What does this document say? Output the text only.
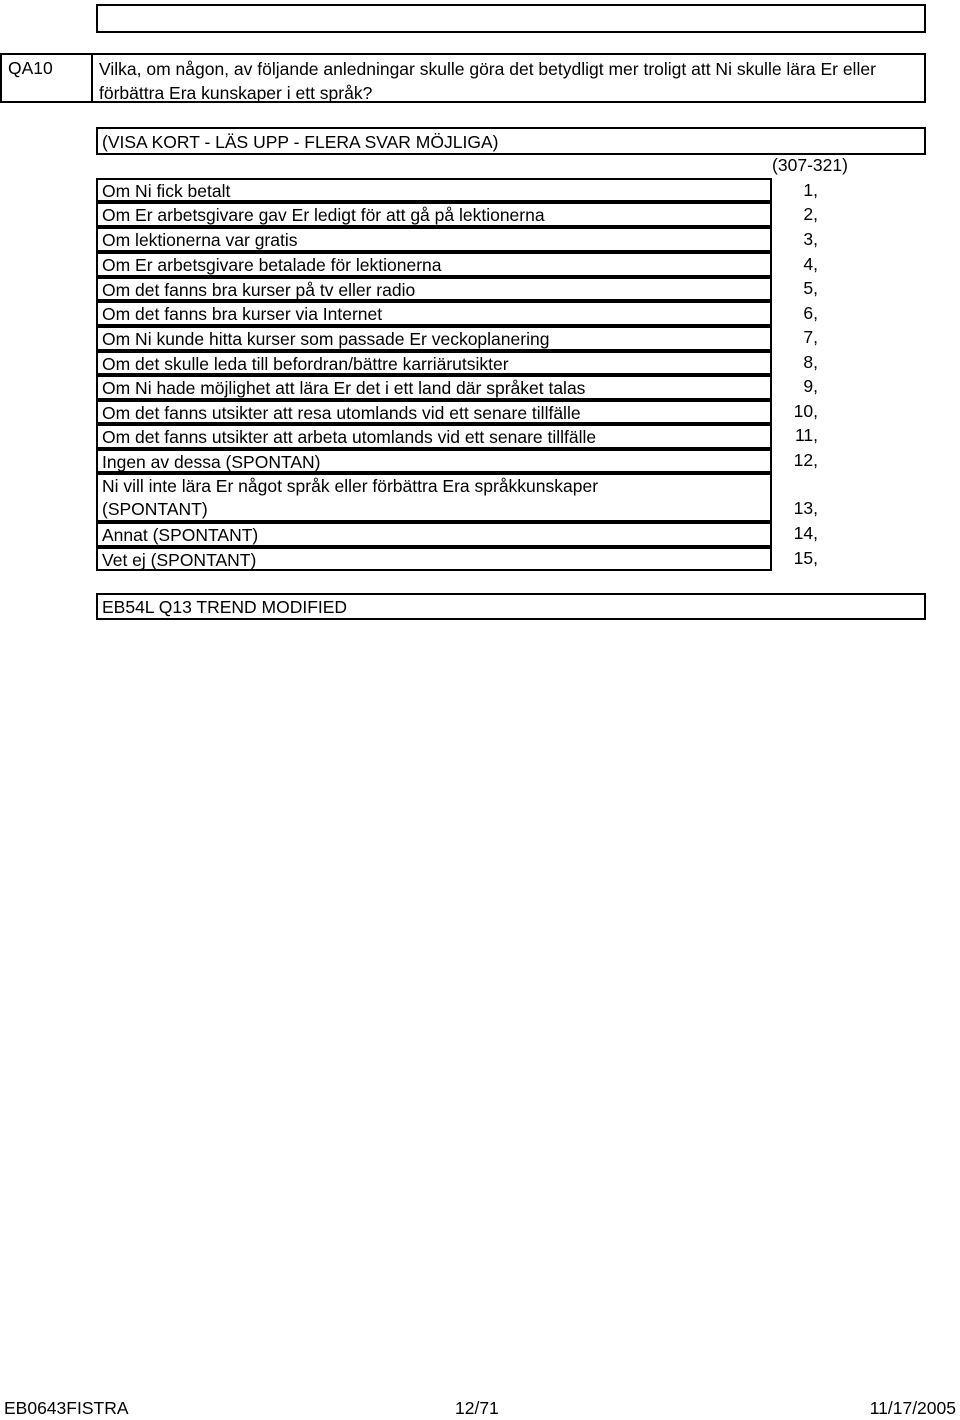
QA10	Vilka, om någon, av följande anledningar skulle göra det betydligt mer troligt att Ni skulle lära Er eller förbättra Era kunskaper i ett språk?
(VISA KORT - LÄS UPP - FLERA SVAR MÖJLIGA)
(307-321)
Om Ni fick betalt	1,
Om Er arbetsgivare gav Er ledigt för att gå på lektionerna	2,
Om lektionerna var gratis	3,
Om Er arbetsgivare betalade för lektionerna	4,
Om det fanns bra kurser på tv eller radio	5,
Om det fanns bra kurser via Internet	6,
Om Ni kunde hitta kurser som passade Er veckoplanering	7,
Om det skulle leda till befordran/bättre karriärutsikter	8,
Om Ni hade möjlighet att lära Er det i ett land där språket talas	9,
Om det fanns utsikter att resa utomlands vid ett senare tillfälle	10,
Om det fanns utsikter att arbeta utomlands vid ett senare tillfälle	11,
Ingen av dessa (SPONTAN)	12,
Ni vill inte lära Er något språk eller förbättra Era språkkunskaper
(SPONTANT)	13,
Annat (SPONTANT)	14,
Vet ej (SPONTANT)	15,
EB54L Q13 TREND MODIFIED
EB0643FISTRA	12/71	11/17/2005
